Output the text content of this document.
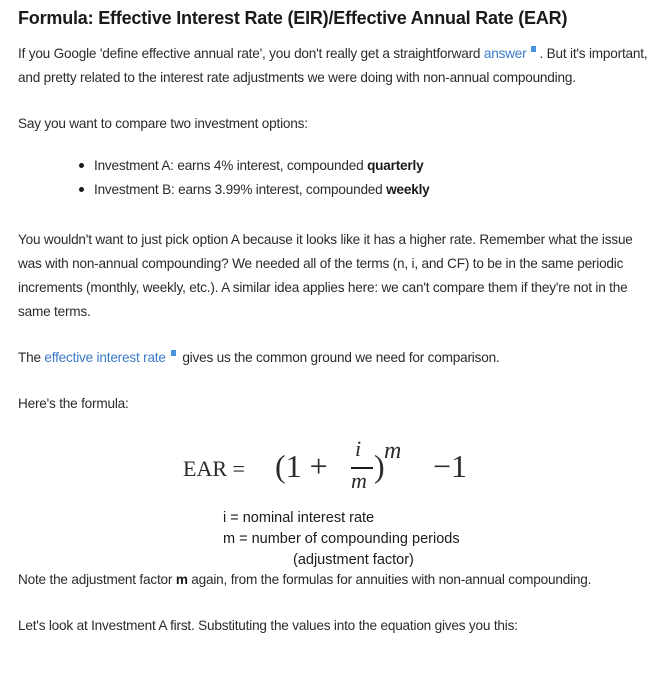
Formula: Effective Interest Rate (EIR)/Effective Annual Rate (EAR)

If you Google 'define effective annual rate', you don't really get a straightforward answer . But it's important, and pretty related to the interest rate adjustments we were doing with non-annual compounding.

Say you want to compare two investment options:

Investment A: earns 4% interest, compounded quarterly
Investment B: earns 3.99% interest, compounded weekly

You wouldn't want to just pick option A because it looks like it has a higher rate. Remember what the issue was with non-annual compounding? We needed all of the terms (n, i, and CF) to be in the same periodic increments (monthly, weekly, etc.). A similar idea applies here: we can't compare them if they're not in the same terms.

The effective interest rate gives us the common ground we need for comparison.

Here's the formula:

EAR = (1 + i
m ) m −1
i = nominal interest rate
m = number of compounding periods
(adjustment factor)

Note the adjustment factor m again, from the formulas for annuities with non-annual compounding.

Let's look at Investment A first. Substituting the values into the equation gives you this:
